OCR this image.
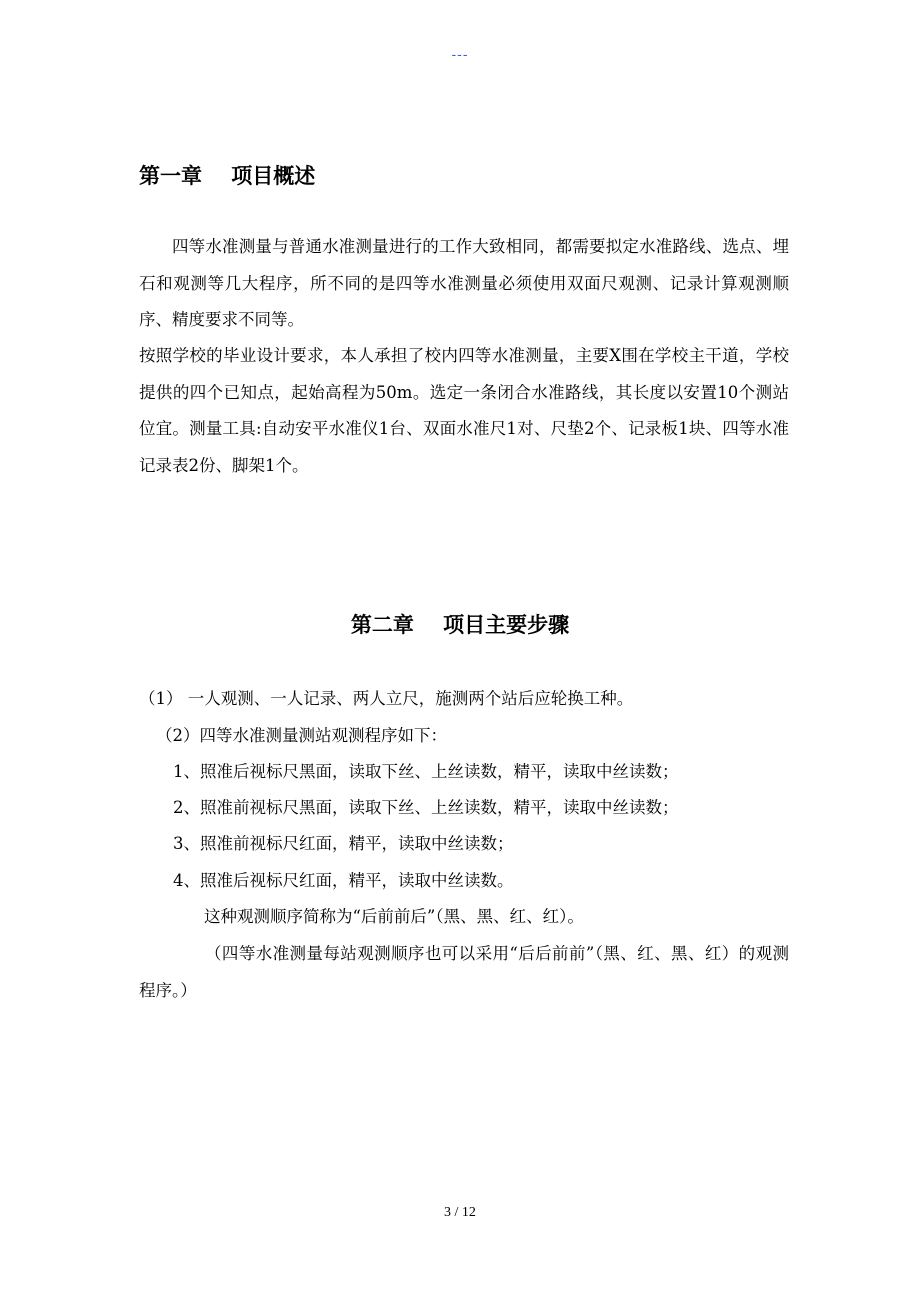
---
第一章    项目概述
四等水准测量与普通水准测量进行的工作大致相同，都需要拟定水准路线、选点、埋石和观测等几大程序，所不同的是四等水准测量必须使用双面尺观测、记录计算观测顺序、精度要求不同等。
按照学校的毕业设计要求，本人承担了校内四等水准测量，主要X围在学校主干道，学校提供的四个已知点，起始高程为50m。选定一条闭合水准路线，其长度以安置10个测站位宜。测量工具:自动安平水准仪1台、双面水准尺1对、尺垫2个、记录板1块、四等水准记录表2份、脚架1个。
第二章    项目主要步骤
（1） 一人观测、一人记录、两人立尺，施测两个站后应轮换工种。
（2）四等水准测量测站观测程序如下：
1、照准后视标尺黑面，读取下丝、上丝读数，精平，读取中丝读数；
2、照准前视标尺黑面，读取下丝、上丝读数，精平，读取中丝读数；
3、照准前视标尺红面，精平，读取中丝读数；
4、照准后视标尺红面，精平，读取中丝读数。
这种观测顺序简称为“后前前后”（黑、黑、红、红）。
（四等水准测量每站观测顺序也可以采用“后后前前”（黑、红、黑、红）的观测程序。）
3 / 12
